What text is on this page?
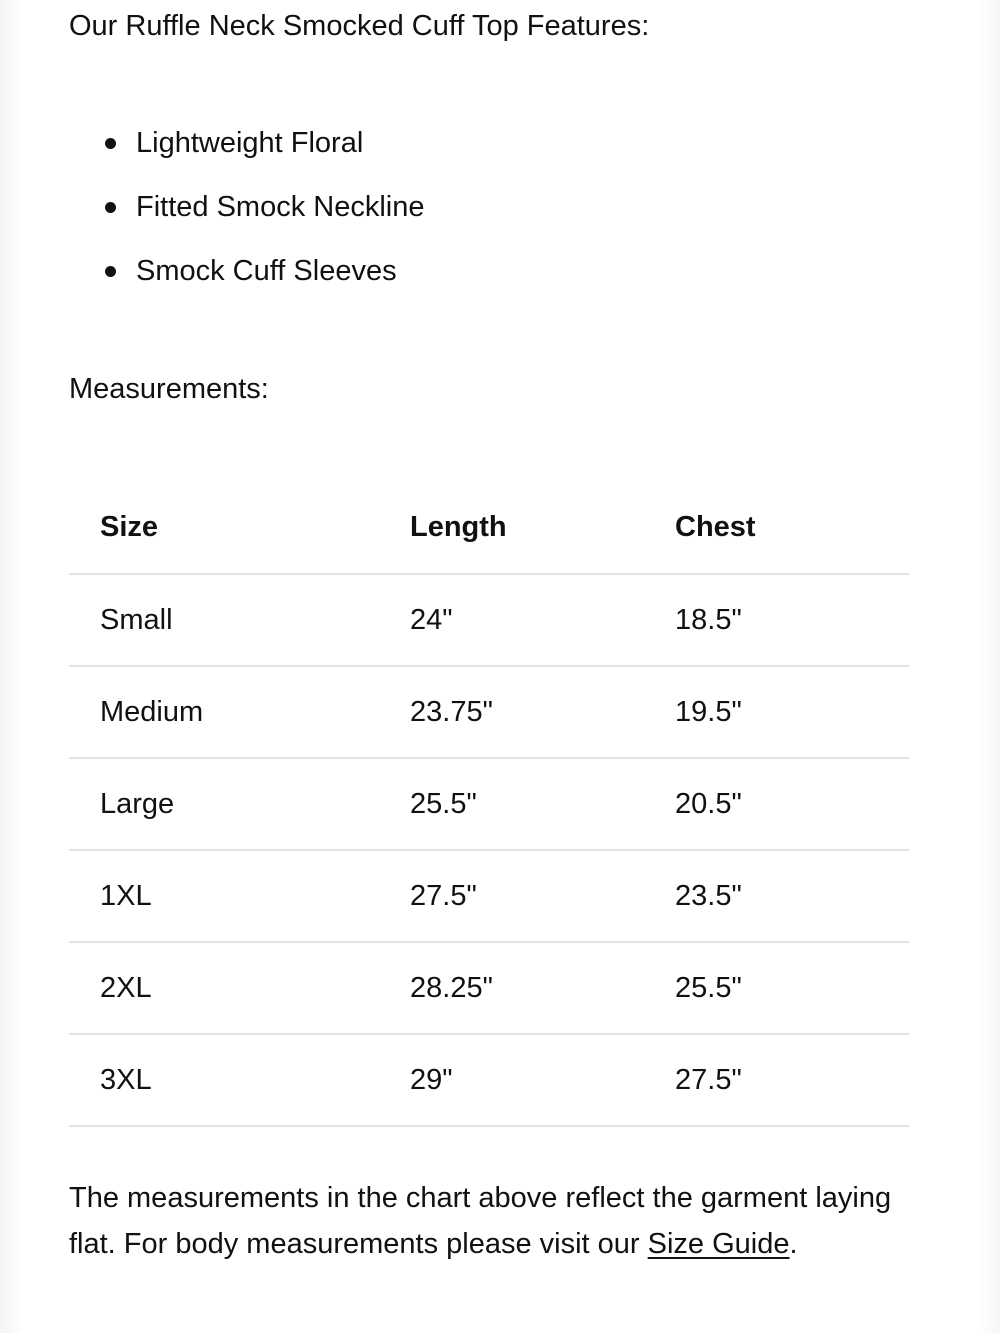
Our Ruffle Neck Smocked Cuff Top Features:

Lightweight Floral
Fitted Smock Neckline
Smock Cuff Sleeves

Measurements:

Size	Length	Chest
Small	24"	18.5"
Medium	23.75"	19.5"
Large	25.5"	20.5"
1XL	27.5"	23.5"
2XL	28.25"	25.5"
3XL	29"	27.5"

The measurements in the chart above reflect the garment laying flat. For body measurements please visit our Size Guide.
